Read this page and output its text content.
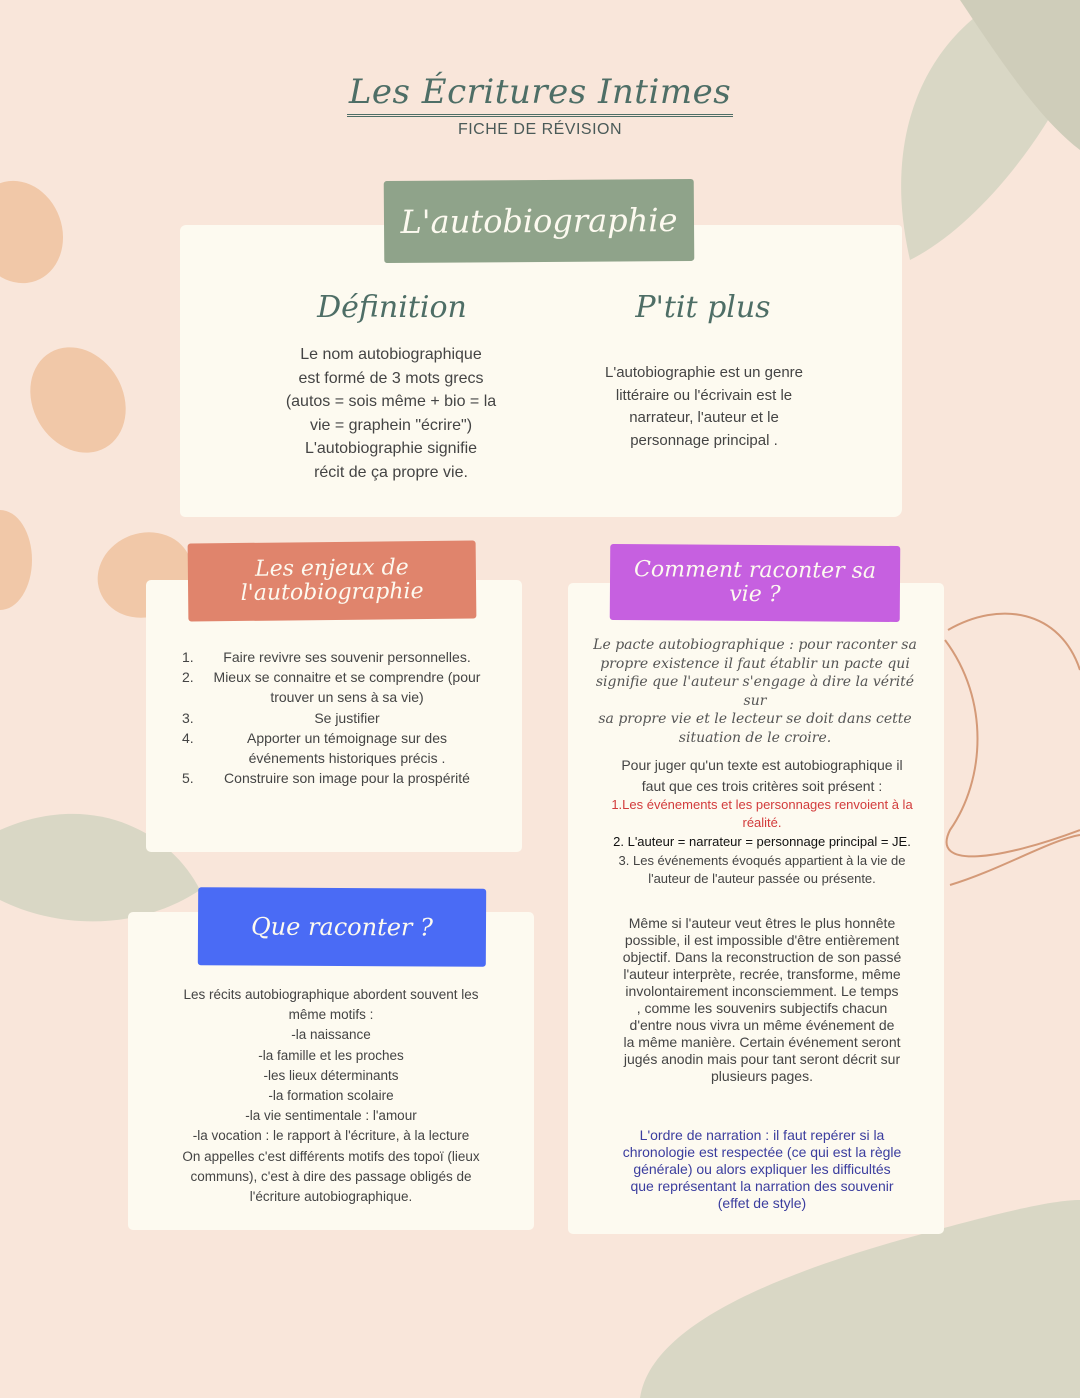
Les Écritures Intimes
FICHE DE RÉVISION
L'autobiographie
Définition
Le nom autobiographique
est formé de 3 mots grecs
(autos = sois même + bio = la
vie = graphein "écrire")
L'autobiographie signifie
récit de ça propre vie.
P'tit plus
L'autobiographie est un genre
littéraire ou l'écrivain est le
narrateur, l'auteur et le
personnage principal .
Les enjeux de
l'autobiographie
1. Faire revivre ses souvenir personnelles.
2. Mieux se connaitre et se comprendre (pour
trouver un sens à sa vie)
3.	Se justifier
4.	Apporter un témoignage sur des
événements historiques précis .
5. Construire son image pour la prospérité
Comment raconter sa
vie ?
Le pacte autobiographique : pour raconter sa
propre existence il faut établir un pacte qui
signifie que l'auteur s'engage à dire la vérité sur
sa propre vie et le lecteur se doit dans cette
situation de le croire.
Pour juger qu'un texte est autobiographique il
faut que ces trois critères soit présent :
1.Les événements et les personnages renvoient à la
réalité.
2. L'auteur = narrateur = personnage principal = JE.
3. Les événements évoqués appartient à la vie de
l'auteur de l'auteur passée ou présente.
Même si l'auteur veut êtres le plus honnête
possible, il est impossible d'être entièrement
objectif. Dans la reconstruction de son passé
l'auteur interprète, recrée, transforme, même
involontairement inconsciemment. Le temps
, comme les souvenirs subjectifs chacun
d'entre nous vivra un même événement de
la même manière. Certain événement seront
jugés anodin mais pour tant seront décrit sur
plusieurs pages.
L'ordre de narration : il faut repérer si la
chronologie est respectée (ce qui est la règle
générale) ou alors expliquer les difficultés
que représentant la narration des souvenir
(effet de style)
Que raconter ?

Les récits autobiographique abordent souvent les

même motifs :

-la naissance

-la famille et les proches

-les lieux déterminants

-la formation scolaire

-la vie sentimentale : l'amour

-la vocation : le rapport à l'écriture, à la lecture

On appelles c'est différents motifs des topoï (lieux

communs), c'est à dire des passage obligés de

l'écriture autobiographique.
